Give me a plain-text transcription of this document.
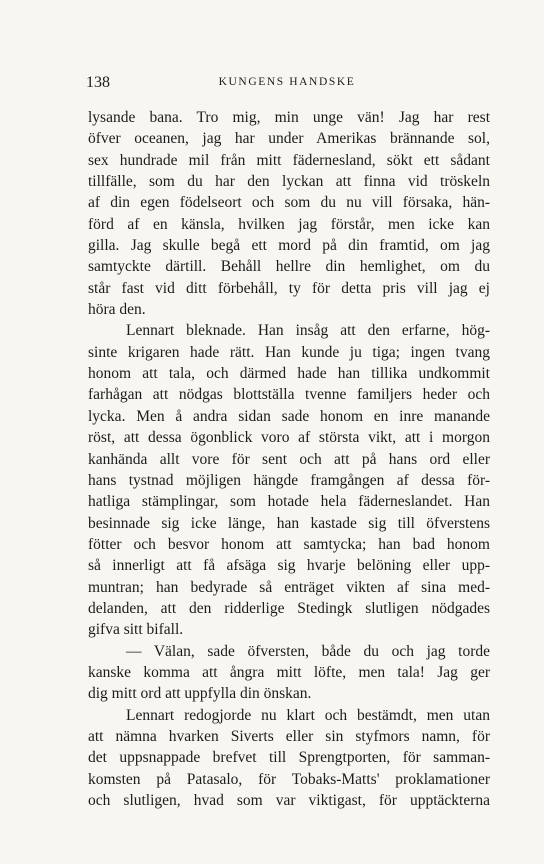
138	KUNGENS HANDSKE
lysande bana. Tro mig, min unge vän! Jag har rest
öfver oceanen, jag har under Amerikas brännande sol,
sex hundrade mil från mitt fädernesland, sökt ett sådant
tillfälle, som du har den lyckan att finna vid tröskeln
af din egen födelseort och som du nu vill försaka, hän-
förd af en känsla, hvilken jag förstår, men icke kan
gilla. Jag skulle begå ett mord på din framtid, om jag
samtyckte därtill. Behåll hellre din hemlighet, om du
står fast vid ditt förbehåll, ty för detta pris vill jag ej
höra den.
Lennart bleknade. Han insåg att den erfarne, hög-
sinte krigaren hade rätt. Han kunde ju tiga; ingen tvang
honom att tala, och därmed hade han tillika undkommit
farhågan att nödgas blottställa tvenne familjers heder och
lycka. Men å andra sidan sade honom en inre manande
röst, att dessa ögonblick voro af största vikt, att i morgon
kanhända allt vore för sent och att på hans ord eller
hans tystnad möjligen hängde framgången af dessa för-
hatliga stämplingar, som hotade hela fäderneslandet. Han
besinnade sig icke länge, han kastade sig till öfverstens
fötter och besvor honom att samtycka; han bad honom
så innerligt att få afsäga sig hvarje belöning eller upp-
muntran; han bedyrade så enträget vikten af sina med-
delanden, att den ridderlige Stedingk slutligen nödgades
gifva sitt bifall.
— Välan, sade öfversten, både du och jag torde
kanske komma att ångra mitt löfte, men tala! Jag ger
dig mitt ord att uppfylla din önskan.
Lennart redogjorde nu klart och bestämdt, men utan
att nämna hvarken Siverts eller sin styfmors namn, för
det uppsnappade brefvet till Sprengtporten, för samman-
komsten på Patasalo, för Tobaks-Matts' proklamationer
och slutligen, hvad som var viktigast, för upptäckterna
